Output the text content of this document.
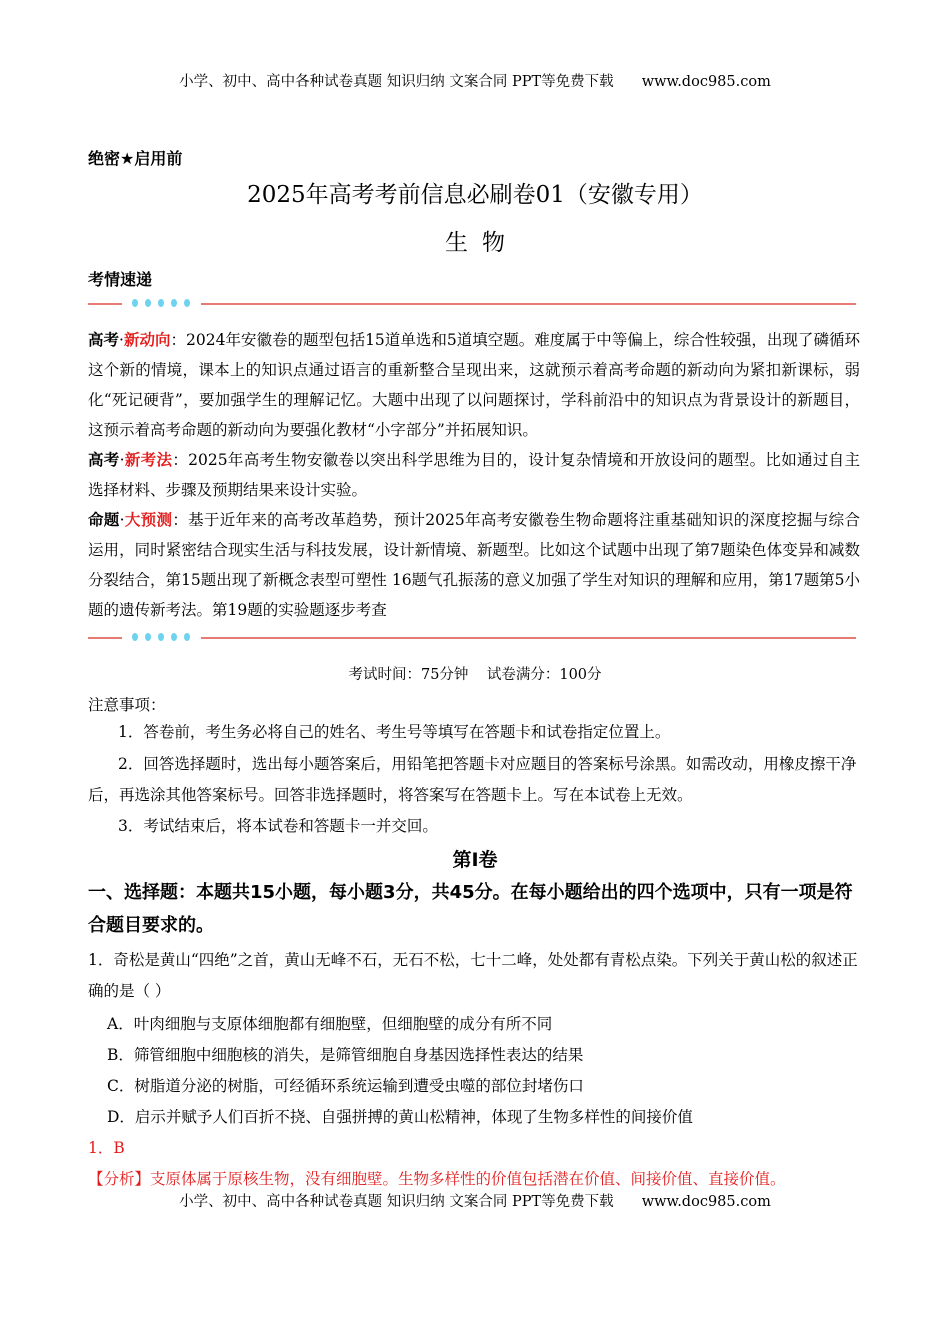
小学、初中、高中各种试卷真题 知识归纳 文案合同 PPT等免费下载 www.doc985.com
绝密★启用前
2025年高考考前信息必刷卷01（安徽专用）
生物
考情速递
高考·新动向：2024年安徽卷的题型包括15道单选和5道填空题。难度属于中等偏上，综合性较强，出现了磷循环这个新的情境，课本上的知识点通过语言的重新整合呈现出来，这就预示着高考命题的新动向为紧扣新课标，弱化“死记硬背”，要加强学生的理解记忆。大题中出现了以问题探讨，学科前沿中的知识点为背景设计的新题目，这预示着高考命题的新动向为要强化教材“小字部分”并拓展知识。
高考·新考法：2025年高考生物安徽卷以突出科学思维为目的，设计复杂情境和开放设问的题型。比如通过自主选择材料、步骤及预期结果来设计实验。
命题·大预测：基于近年来的高考改革趋势，预计2025年高考安徽卷生物命题将注重基础知识的深度挖掘与综合运用，同时紧密结合现实生活与科技发展，设计新情境、新题型。比如这个试题中出现了第7题染色体变异和减数分裂结合，第15题出现了新概念表型可塑性 16题气孔振荡的意义加强了学生对知识的理解和应用，第17题第5小题的遗传新考法。第19题的实验题逐步考查
考试时间：75分钟    试卷满分：100分
注意事项：
1．答卷前，考生务必将自己的姓名、考生号等填写在答题卡和试卷指定位置上。
2．回答选择题时，选出每小题答案后，用铅笔把答题卡对应题目的答案标号涂黑。如需改动，用橡皮擦干净后，再选涂其他答案标号。回答非选择题时，将答案写在答题卡上。写在本试卷上无效。
3．考试结束后，将本试卷和答题卡一并交回。
第Ⅰ卷
一、选择题：本题共15小题，每小题3分，共45分。在每小题给出的四个选项中，只有一项是符合题目要求的。
1．奇松是黄山“四绝”之首，黄山无峰不石，无石不松，七十二峰，处处都有青松点染。下列关于黄山松的叙述正确的是（ ）
A．叶肉细胞与支原体细胞都有细胞壁，但细胞壁的成分有所不同
B．筛管细胞中细胞核的消失，是筛管细胞自身基因选择性表达的结果
C．树脂道分泌的树脂，可经循环系统运输到遭受虫噬的部位封堵伤口
D．启示并赋予人们百折不挠、自强拼搏的黄山松精神，体现了生物多样性的间接价值
1．B
【分析】支原体属于原核生物，没有细胞壁。生物多样性的价值包括潜在价值、间接价值、直接价值。
小学、初中、高中各种试卷真题 知识归纳 文案合同 PPT等免费下载 www.doc985.com
